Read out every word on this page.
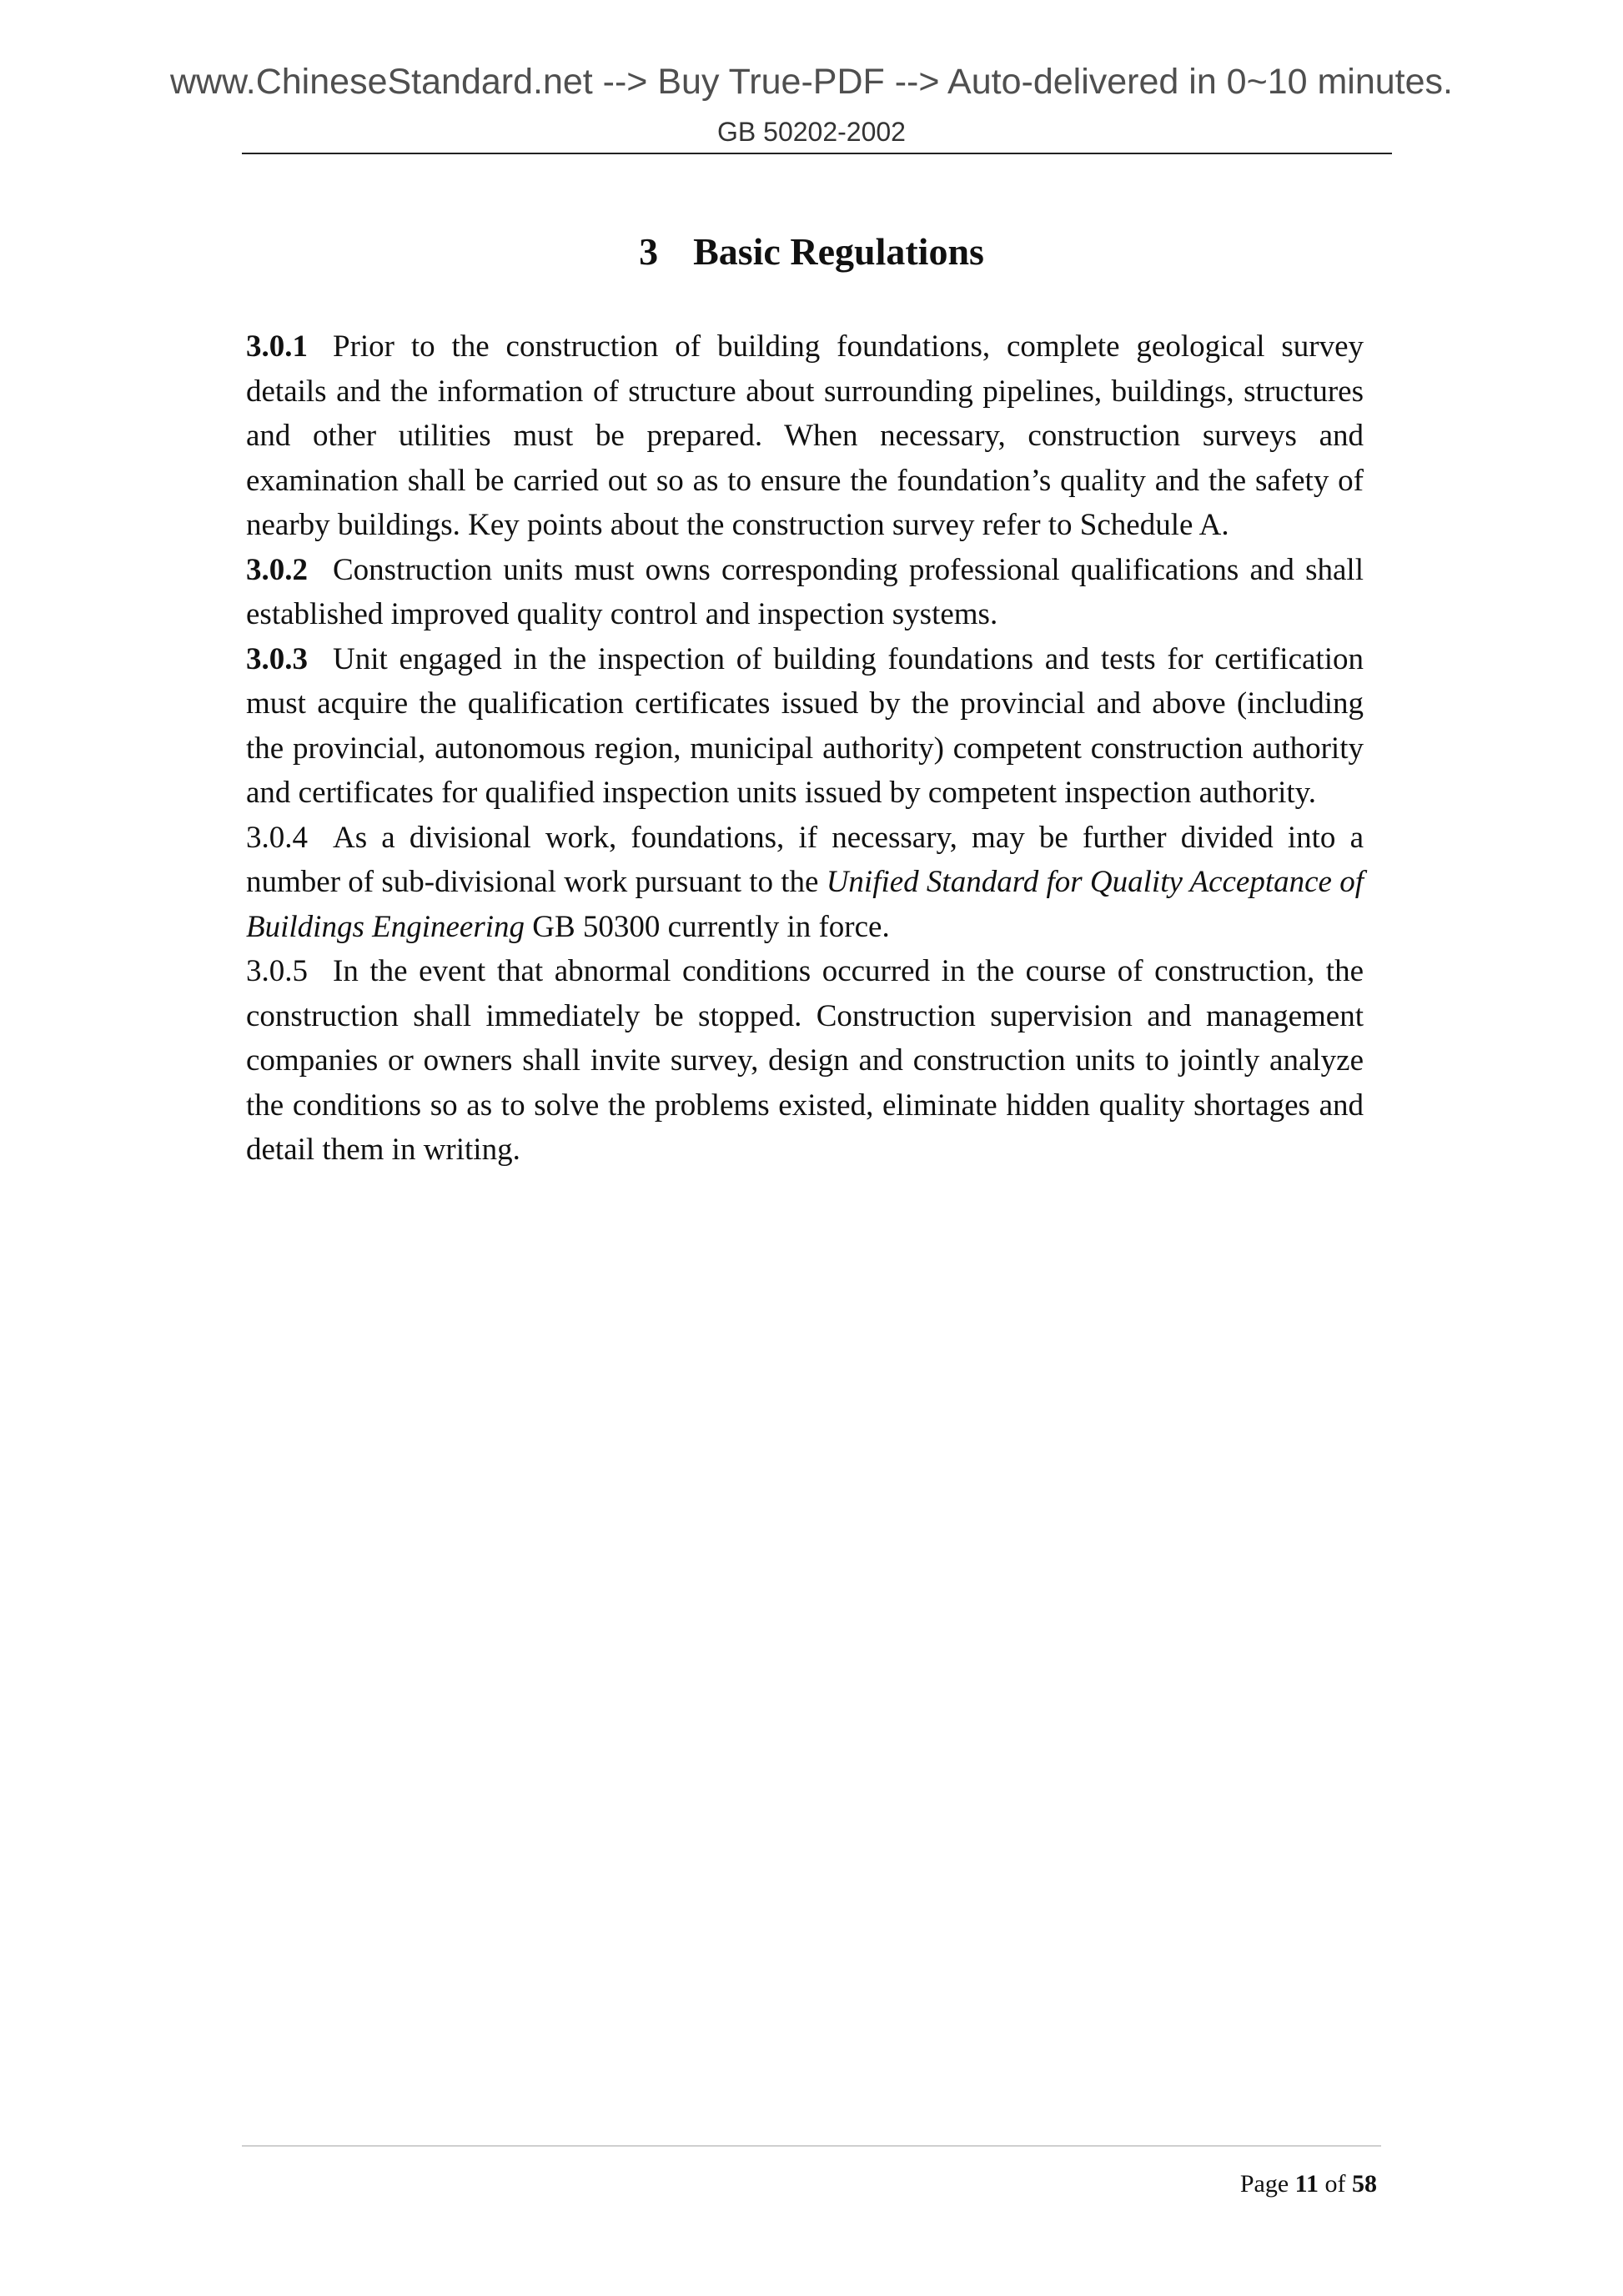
www.ChineseStandard.net --> Buy True-PDF --> Auto-delivered in 0~10 minutes.
GB 50202-2002
3 Basic Regulations

3.0.1 Prior to the construction of building foundations, complete geological survey details and the information of structure about surrounding pipelines, buildings, structures and other utilities must be prepared. When necessary, construction surveys and examination shall be carried out so as to ensure the foundation’s quality and the safety of nearby buildings. Key points about the construction survey refer to Schedule A.

3.0.2 Construction units must owns corresponding professional qualifications and shall established improved quality control and inspection systems.

3.0.3 Unit engaged in the inspection of building foundations and tests for certification must acquire the qualification certificates issued by the provincial and above (including the provincial, autonomous region, municipal authority) competent construction authority and certificates for qualified inspection units issued by competent inspection authority.

3.0.4 As a divisional work, foundations, if necessary, may be further divided into a number of sub-divisional work pursuant to the Unified Standard for Quality Acceptance of Buildings Engineering GB 50300 currently in force.

3.0.5 In the event that abnormal conditions occurred in the course of construction, the construction shall immediately be stopped. Construction supervision and management companies or owners shall invite survey, design and construction units to jointly analyze the conditions so as to solve the problems existed, eliminate hidden quality shortages and detail them in writing.

Page 11 of 58
